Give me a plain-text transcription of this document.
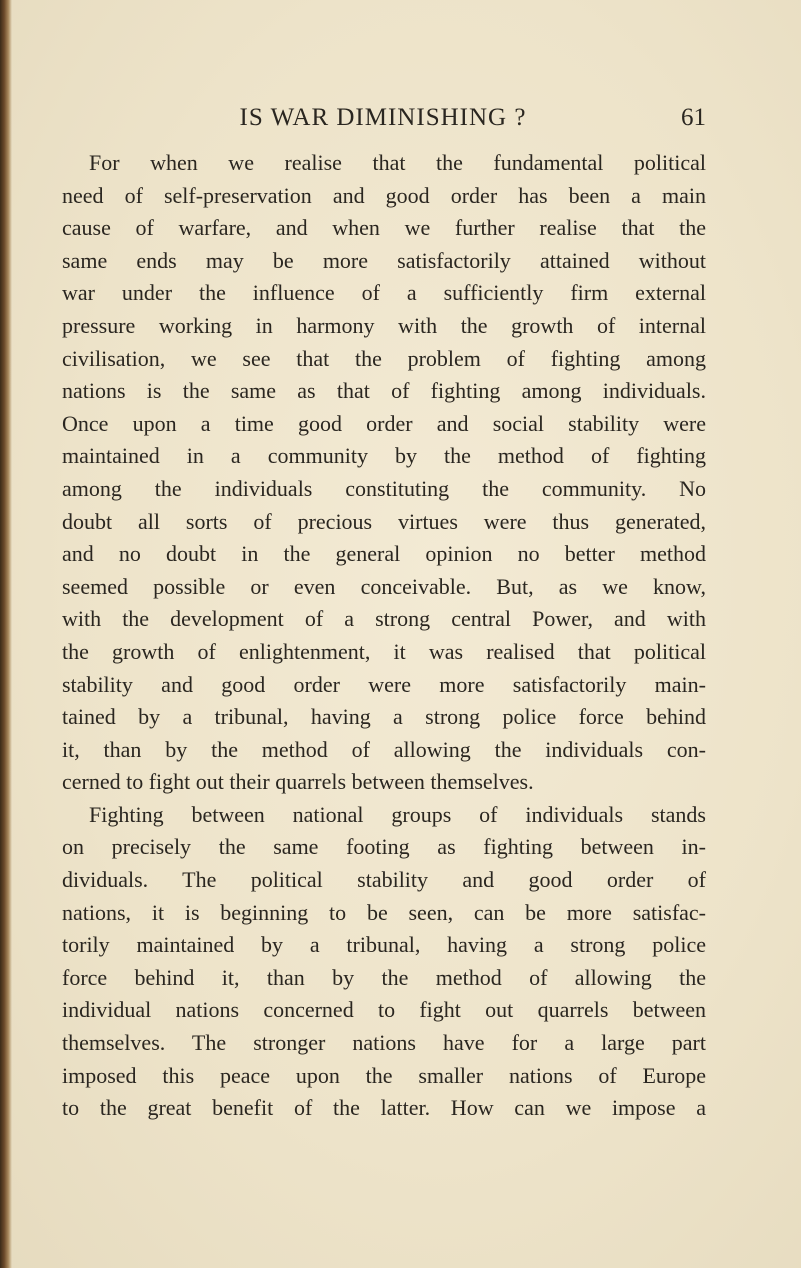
IS WAR DIMINISHING ?	61
For when we realise that the fundamental political
need of self-preservation and good order has been a main
cause of warfare, and when we further realise that the
same ends may be more satisfactorily attained without
war under the influence of a sufficiently firm external
pressure working in harmony with the growth of internal
civilisation, we see that the problem of fighting among
nations is the same as that of fighting among individuals.
Once upon a time good order and social stability were
maintained in a community by the method of fighting
among the individuals constituting the community. No
doubt all sorts of precious virtues were thus generated,
and no doubt in the general opinion no better method
seemed possible or even conceivable. But, as we know,
with the development of a strong central Power, and with
the growth of enlightenment, it was realised that political
stability and good order were more satisfactorily main-
tained by a tribunal, having a strong police force behind
it, than by the method of allowing the individuals con-
cerned to fight out their quarrels between themselves.
Fighting between national groups of individuals stands
on precisely the same footing as fighting between in-
dividuals. The political stability and good order of
nations, it is beginning to be seen, can be more satisfac-
torily maintained by a tribunal, having a strong police
force behind it, than by the method of allowing the
individual nations concerned to fight out quarrels between
themselves. The stronger nations have for a large part
imposed this peace upon the smaller nations of Europe
to the great benefit of the latter. How can we impose a
